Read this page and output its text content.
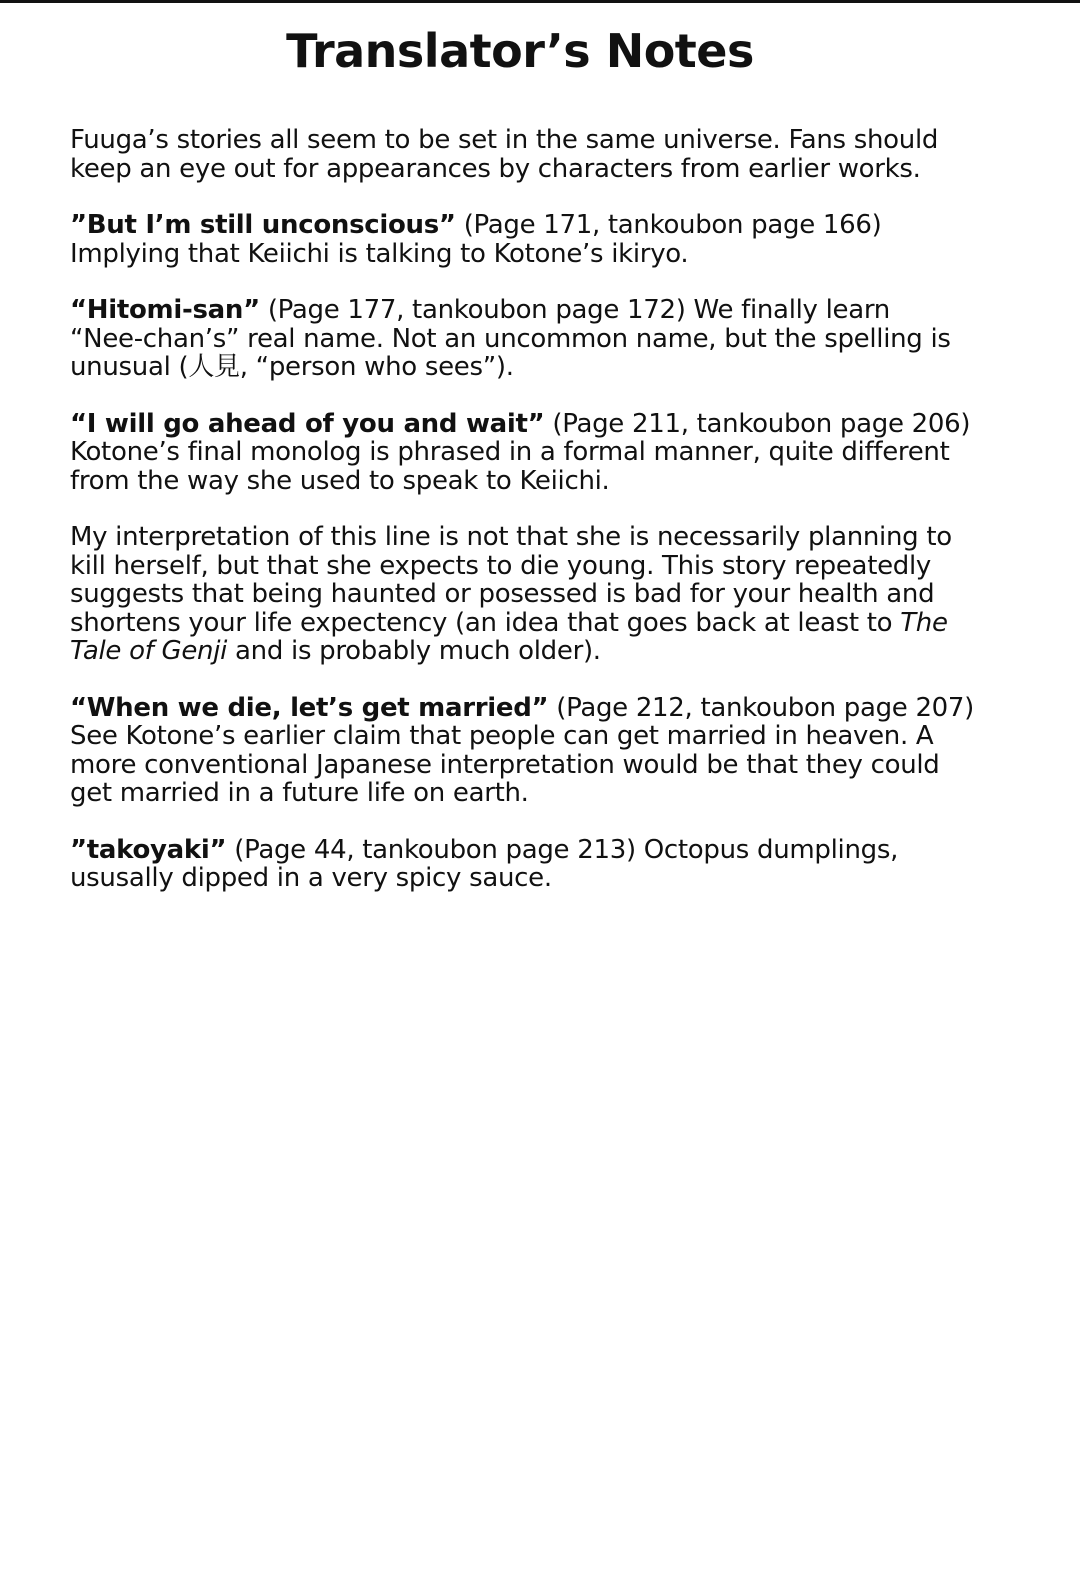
Translator’s Notes

Fuuga’s stories all seem to be set in the same universe. Fans should
keep an eye out for appearances by characters from earlier works.

”But I’m still unconscious” (Page 171, tankoubon page 166)
Implying that Keiichi is talking to Kotone’s ikiryo.

“Hitomi-san” (Page 177, tankoubon page 172) We finally learn
“Nee-chan’s” real name. Not an uncommon name, but the spelling is
unusual (人見, “person who sees”).

“I will go ahead of you and wait” (Page 211, tankoubon page 206)
Kotone’s final monolog is phrased in a formal manner, quite different
from the way she used to speak to Keiichi.

My interpretation of this line is not that she is necessarily planning to
kill herself, but that she expects to die young. This story repeatedly
suggests that being haunted or posessed is bad for your health and
shortens your life expectency (an idea that goes back at least to The
Tale of Genji and is probably much older).

“When we die, let’s get married” (Page 212, tankoubon page 207)
See Kotone’s earlier claim that people can get married in heaven. A
more conventional Japanese interpretation would be that they could
get married in a future life on earth.

”takoyaki” (Page 44, tankoubon page 213) Octopus dumplings,
ususally dipped in a very spicy sauce.
